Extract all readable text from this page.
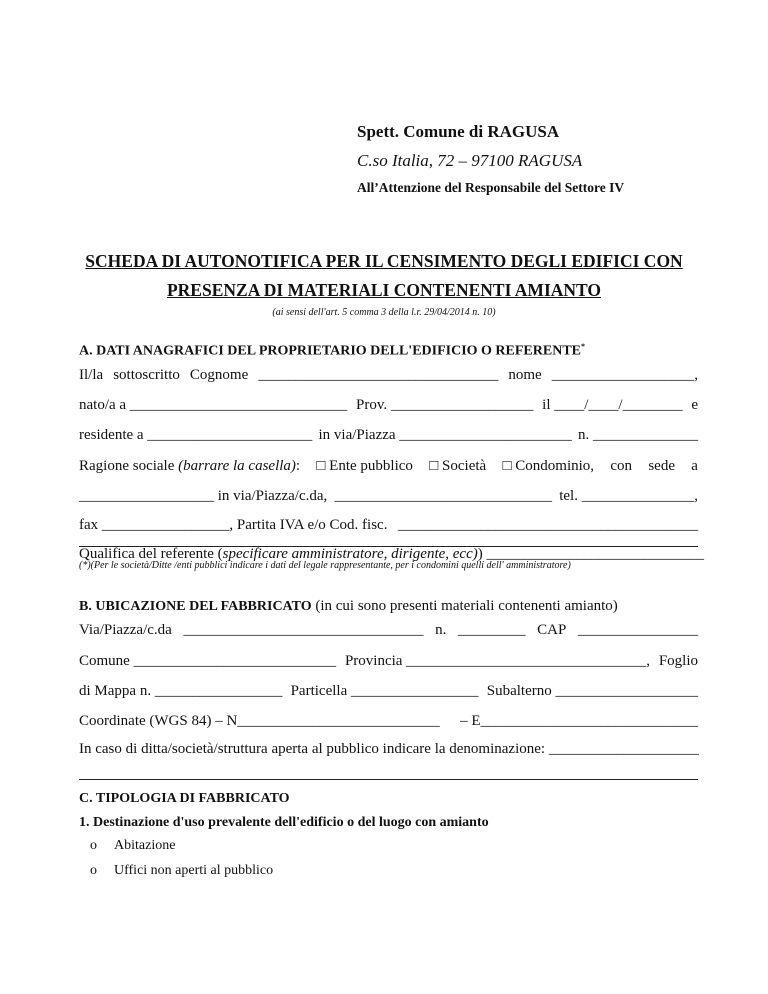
Spett. Comune di RAGUSA
C.so Italia, 72 – 97100 RAGUSA
All’Attenzione del Responsabile del Settore IV
SCHEDA DI AUTONOTIFICA PER IL CENSIMENTO DEGLI EDIFICI CON
PRESENZA DI MATERIALI CONTENENTI AMIANTO
(ai sensi dell'art. 5 comma 3 della l.r. 29/04/2014 n. 10)
A. DATI ANAGRAFICI DEL PROPRIETARIO DELL'EDIFICIO O REFERENTE*
Il/la sottoscritto Cognome ________________________________ nome ___________________,
nato/a a _____________________________ Prov. ___________________ il ____/____/________ e
residente a ______________________ in via/Piazza _______________________ n. ______________
Ragione sociale (barrare la casella): □ Ente pubblico □ Società □ Condominio, con sede a
__________________ in via/Piazza/c.da, _____________________________ tel. _______________,
fax _________________, Partita IVA e/o Cod. fisc. ________________________________________
Qualifica del referente (specificare amministratore, dirigente, ecc)) _____________________________
(*)(Per le società/Ditte /enti pubblici indicare i dati del legale rappresentante, per i condomini quelli dell' amministratore)
B. UBICAZIONE DEL FABBRICATO (in cui sono presenti materiali contenenti amianto)
Via/Piazza/c.da ________________________________ n. _________ CAP ________________
Comune ___________________________ Provincia ________________________________, Foglio
di Mappa n. _________________ Particella _________________ Subalterno ___________________
Coordinate (WGS 84) – N___________________________ – E_____________________________
In caso di ditta/società/struttura aperta al pubblico indicare la denominazione: ____________________
C. TIPOLOGIA DI FABBRICATO
1. Destinazione d'uso prevalente dell'edificio o del luogo con amianto
o Abitazione
o Uffici non aperti al pubblico
